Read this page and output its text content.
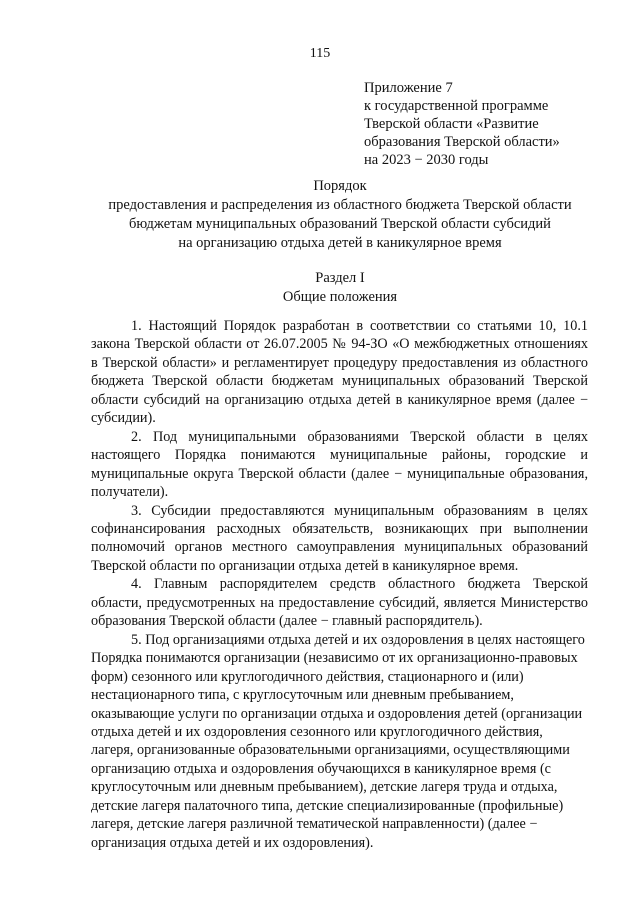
115
Приложение 7
к государственной программе
Тверской области «Развитие
образования Тверской области»
на 2023 − 2030 годы
Порядок
предоставления и распределения из областного бюджета Тверской области
бюджетам муниципальных образований Тверской области субсидий
на организацию отдыха детей в каникулярное время
Раздел I
Общие положения

1. Настоящий Порядок разработан в соответствии со статьями 10, 10.1 закона Тверской области от 26.07.2005 № 94-ЗО «О межбюджетных отношениях в Тверской области» и регламентирует процедуру предоставления из областного бюджета Тверской области бюджетам муниципальных образований Тверской области субсидий на организацию отдыха детей в каникулярное время (далее − субсидии).

2. Под муниципальными образованиями Тверской области в целях настоящего Порядка понимаются муниципальные районы, городские и муниципальные округа Тверской области (далее − муниципальные образования, получатели).

3. Субсидии предоставляются муниципальным образованиям в целях софинансирования расходных обязательств, возникающих при выполнении полномочий органов местного самоуправления муниципальных образований Тверской области по организации отдыха детей в каникулярное время.

4. Главным распорядителем средств областного бюджета Тверской области, предусмотренных на предоставление субсидий, является Министерство образования Тверской области (далее − главный распорядитель).

5. Под организациями отдыха детей и их оздоровления в целях настоящего Порядка понимаются организации (независимо от их организационно-правовых форм) сезонного или круглогодичного действия, стационарного и (или) нестационарного типа, с круглосуточным или дневным пребыванием, оказывающие услуги по организации отдыха и оздоровления детей (организации отдыха детей и их оздоровления сезонного или круглогодичного действия, лагеря, организованные образовательными организациями, осуществляющими организацию отдыха и оздоровления обучающихся в каникулярное время (с круглосуточным или дневным пребыванием), детские лагеря труда и отдыха, детские лагеря палаточного типа, детские специализированные (профильные) лагеря, детские лагеря различной тематической направленности) (далее − организация отдыха детей и их оздоровления).
